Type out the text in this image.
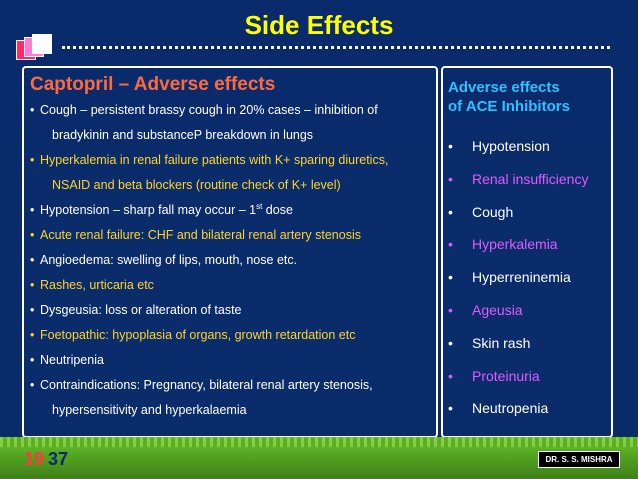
Side Effects
Captopril – Adverse effects
• Cough – persistent brassy cough in 20% cases – inhibition of
bradykinin and substanceP breakdown in lungs
• Hyperkalemia in renal failure patients with K+ sparing diuretics,
NSAID and beta blockers (routine check of K+ level)
• Hypotension – sharp fall may occur – 1st dose
• Acute renal failure: CHF and bilateral renal artery stenosis
• Angioedema: swelling of lips, mouth, nose etc.
• Rashes, urticaria etc
• Dysgeusia: loss or alteration of taste
• Foetopathic: hypoplasia of organs, growth retardation etc
• Neutripenia
• Contraindications: Pregnancy, bilateral renal artery stenosis,
hypersensitivity and hyperkalaemia
Adverse effects
of ACE Inhibitors
• Hypotension
• Renal insufficiency
• Cough
• Hyperkalemia
• Hyperreninemia
• Ageusia
• Skin rash
• Proteinuria
• Neutropenia
19 37	DR. S. S. MISHRA
